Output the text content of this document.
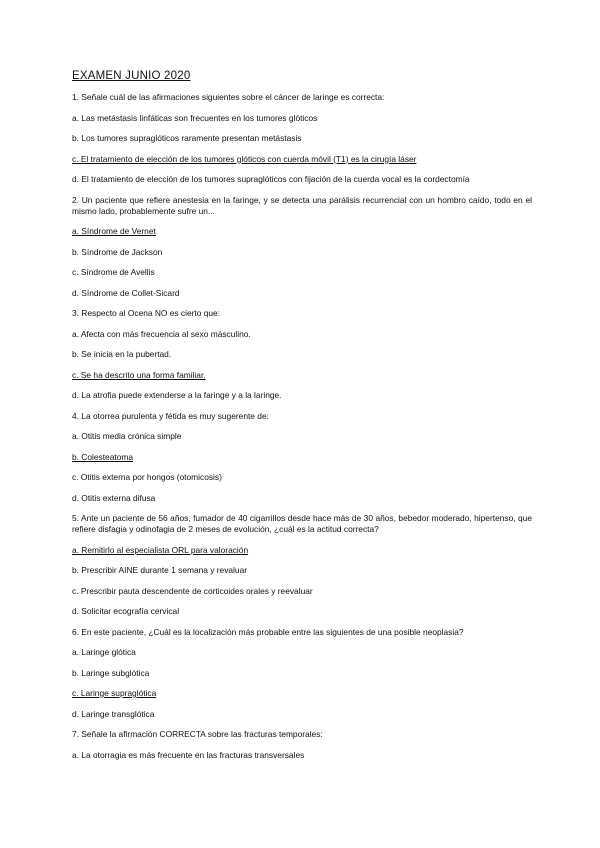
EXAMEN JUNIO 2020

1. Señale cuál de las afirmaciones siguientes sobre el cáncer de laringe es correcta:

a. Las metástasis linfáticas son frecuentes en los tumores glóticos

b. Los tumores supraglóticos raramente presentan metástasis

c. El tratamiento de elección de los tumores glóticos con cuerda móvil (T1) es la cirugía láser

d. El tratamiento de elección de los tumores supraglóticos con fijación de la cuerda vocal es la cordectomía

2. Un paciente que refiere anestesia en la faringe, y se detecta una parálisis recurrencial con un hombro caído, todo en el mismo lado, probablemente sufre un...

a. Síndrome de Vernet

b. Síndrome de Jackson

c. Síndrome de Avellis

d. Síndrome de Collet-Sicard

3. Respecto al Ocena NO es cierto que:

a. Afecta con más frecuencia al sexo másculino.

b. Se inicia en la pubertad.

c. Se ha descrito una forma familiar.

d. La atrofia puede extenderse a la faringe y a la laringe.

4. La otorrea purulenta y fétida es muy sugerente de:

a. Otitis media crónica simple

b. Colesteatoma

c. Otitis externa por hongos (otomicosis)

d. Otitis externa difusa

5. Ante un paciente de 56 años, fumador de 40 cigarrillos desde hace más de 30 años, bebedor moderado, hipertenso, que refiere disfagia y odinofagia de 2 meses de evolución, ¿cuál es la actitud correcta?

a. Remitirlo al especialista ORL para valoración

b. Prescribir AINE durante 1 semana y revaluar

c. Prescribir pauta descendente de corticoides orales y reevaluar

d. Solicitar ecografía cervical

6. En este paciente, ¿Cuál es la localización más probable entre las siguientes de una posible neoplasia?

a. Laringe glótica

b. Laringe subglótica

c. Laringe supraglótica

d. Laringe transglótica

7. Señale la afirmación CORRECTA sobre las fracturas temporales:

a. La otorragia es más frecuente en las fracturas transversales
